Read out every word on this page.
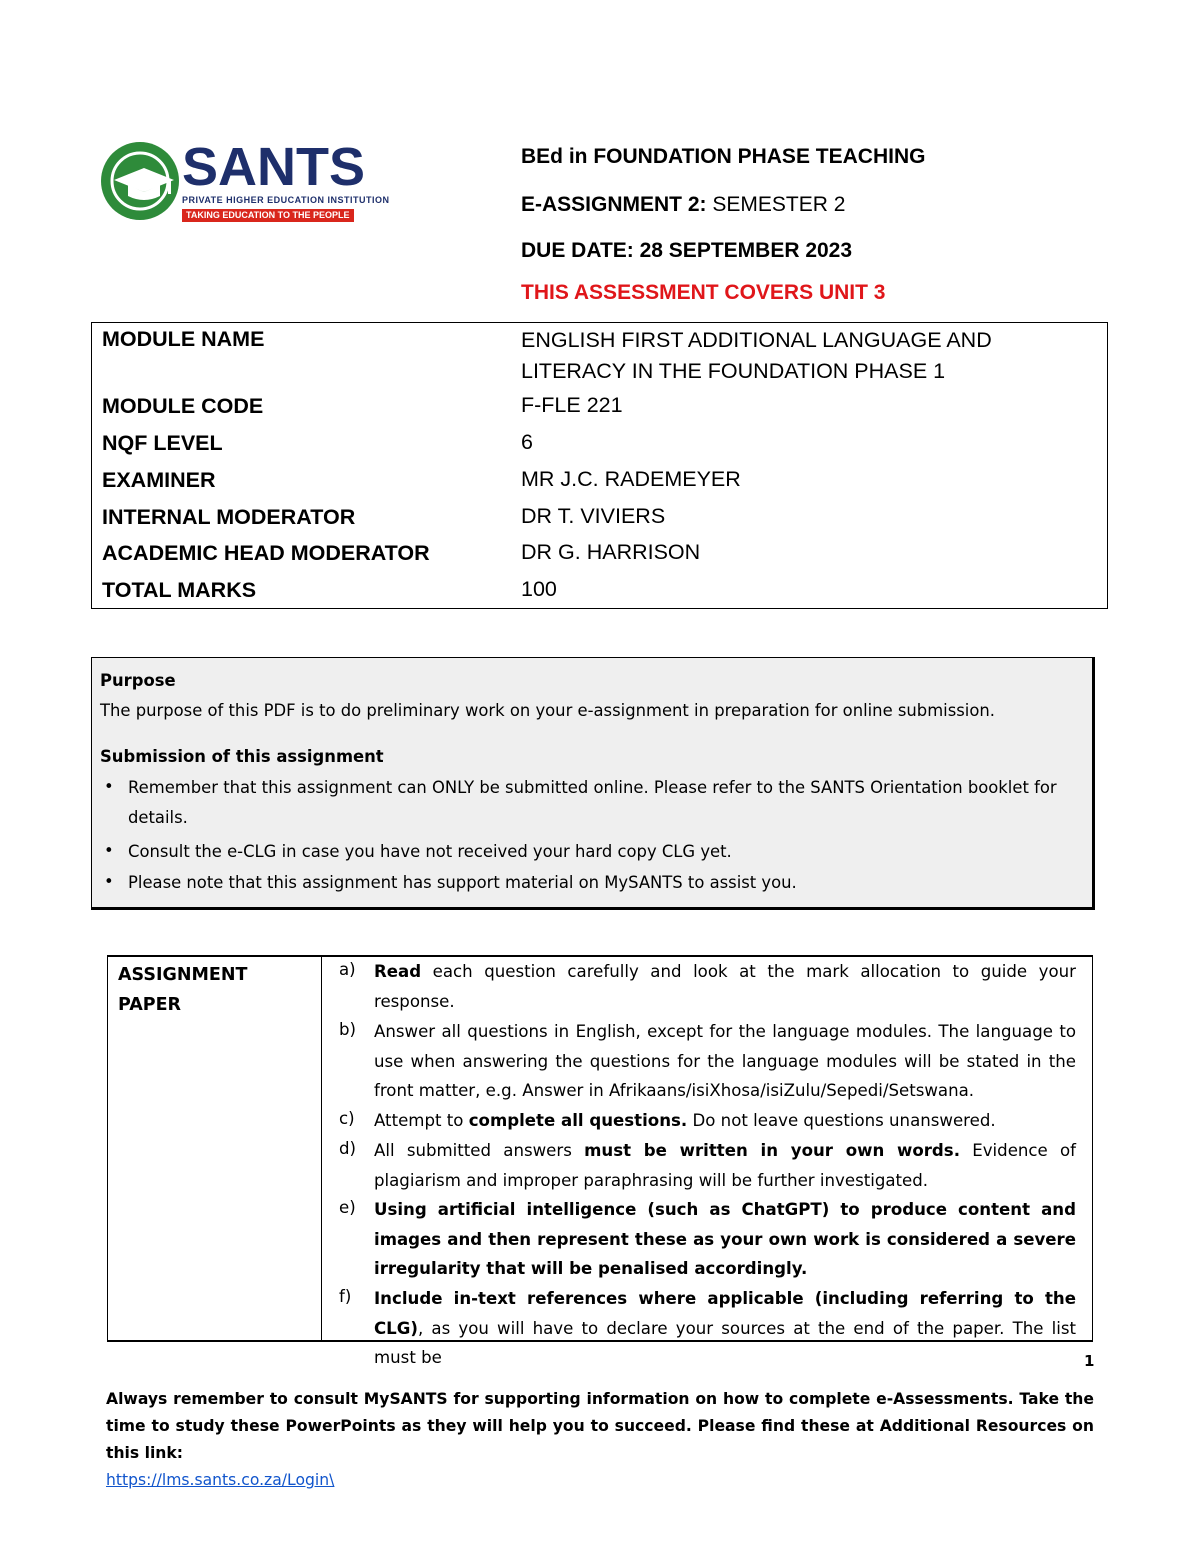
SANTS
PRIVATE HIGHER EDUCATION INSTITUTION
TAKING EDUCATION TO THE PEOPLE
BEd in FOUNDATION PHASE TEACHING
E-ASSIGNMENT 2: SEMESTER 2
DUE DATE: 28 SEPTEMBER 2023
THIS ASSESSMENT COVERS UNIT 3
MODULE NAME	ENGLISH FIRST ADDITIONAL LANGUAGE AND LITERACY IN THE FOUNDATION PHASE 1
MODULE CODE	F-FLE 221
NQF LEVEL	6
EXAMINER	MR J.C. RADEMEYER
INTERNAL MODERATOR	DR T. VIVIERS
ACADEMIC HEAD MODERATOR	DR G. HARRISON
TOTAL MARKS	100
Purpose
The purpose of this PDF is to do preliminary work on your e-assignment in preparation for online submission.
Submission of this assignment
• Remember that this assignment can ONLY be submitted online. Please refer to the SANTS Orientation booklet for details.
• Consult the e-CLG in case you have not received your hard copy CLG yet.
• Please note that this assignment has support material on MySANTS to assist you.
ASSIGNMENT
PAPER
a) Read each question carefully and look at the mark allocation to guide your response.
b) Answer all questions in English, except for the language modules. The language to use when answering the questions for the language modules will be stated in the front matter, e.g. Answer in Afrikaans/isiXhosa/isiZulu/Sepedi/Setswana.
c) Attempt to complete all questions. Do not leave questions unanswered.
d) All submitted answers must be written in your own words. Evidence of plagiarism and improper paraphrasing will be further investigated.
e) Using artificial intelligence (such as ChatGPT) to produce content and images and then represent these as your own work is considered a severe irregularity that will be penalised accordingly.
f) Include in-text references where applicable (including referring to the CLG), as you will have to declare your sources at the end of the paper. The list must be	1
Always remember to consult MySANTS for supporting information on how to complete e-Assessments. Take the time to study these PowerPoints as they will help you to succeed. Please find these at Additional Resources on this link:
https://lms.sants.co.za/Login\
